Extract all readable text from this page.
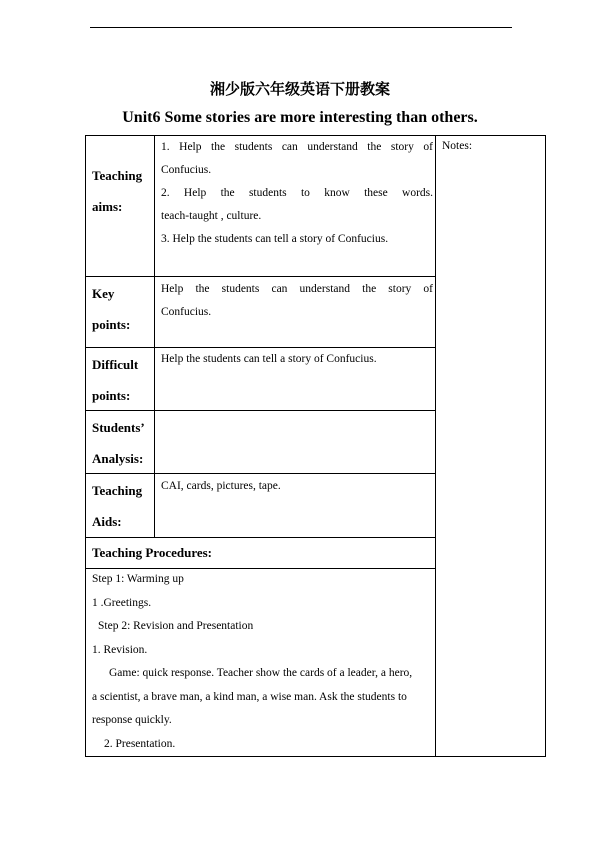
湘少版六年级英语下册教案
Unit6 Some stories are more interesting than others.
Notes:
Teaching
aims:

1. Help the students can understand the story of

Confucius.

2. Help the students to know these words.

teach-taught , culture.

3. Help the students can tell a story of Confucius.

Key
points:

Help the students can understand the story of

Confucius.

Difficult
points:

Help the students can tell a story of Confucius.

Students’
Analysis:
Teaching
Aids:

CAI, cards, pictures, tape.

Teaching Procedures:

Step 1: Warming up

1 .Greetings.

Step 2: Revision and Presentation

1. Revision.

Game: quick response. Teacher show the cards of a leader, a hero,

a scientist, a brave man, a kind man, a wise man. Ask the students to

response quickly.

2. Presentation.
